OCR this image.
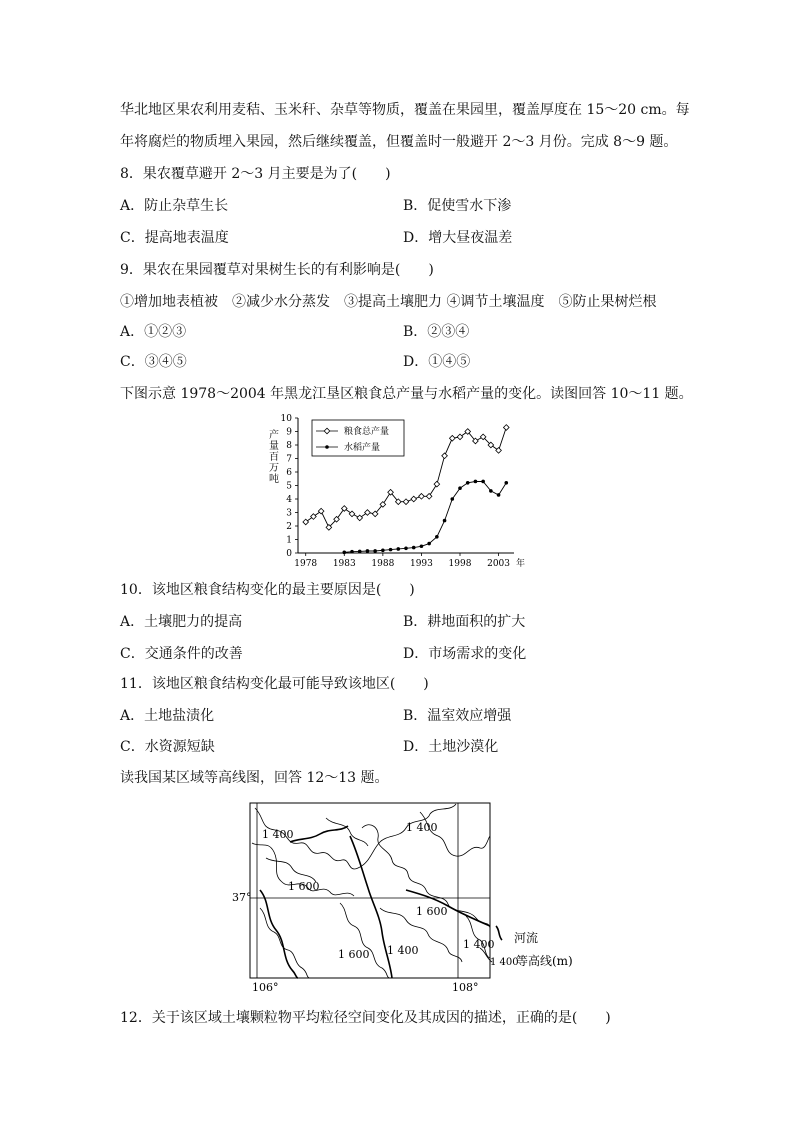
华北地区果农利用麦秸、玉米秆、杂草等物质，覆盖在果园里，覆盖厚度在 15～20 cm。每
年将腐烂的物质埋入果园，然后继续覆盖，但覆盖时一般避开 2～3 月份。完成 8～9 题。
8．果农覆草避开 2～3 月主要是为了(　　)
A．防止杂草生长	B．促使雪水下渗
C．提高地表温度	D．增大昼夜温差
9．果农在果园覆草对果树生长的有利影响是(　　)
①增加地表植被　②减少水分蒸发　③提高土壤肥力 ④调节土壤温度　⑤防止果树烂根
A．①②③	B．②③④
C．③④⑤	D．①④⑤
下图示意 1978～2004 年黑龙江垦区粮食总产量与水稻产量的变化。读图回答 10～11 题。
0
1
2
3
4
5
6
7
8
9
10
1978 1983 1988 1993 1998 2003 年
产
量
百
万
吨
粮食总产量
水稻产量
10．该地区粮食结构变化的最主要原因是(　　)
A．土壤肥力的提高	B．耕地面积的扩大
C．交通条件的改善	D．市场需求的变化
11．该地区粮食结构变化最可能导致该地区(　　)
A．土地盐渍化	B．温室效应增强
C．水资源短缺	D．土地沙漠化
读我国某区域等高线图，回答 12～13 题。
1 400
1 400
1 600
1 600
1 600 1 400	1 400
37°
106°	108°
河流
1 400
等高线(m)
12．关于该区域土壤颗粒物平均粒径空间变化及其成因的描述，正确的是(　　)
